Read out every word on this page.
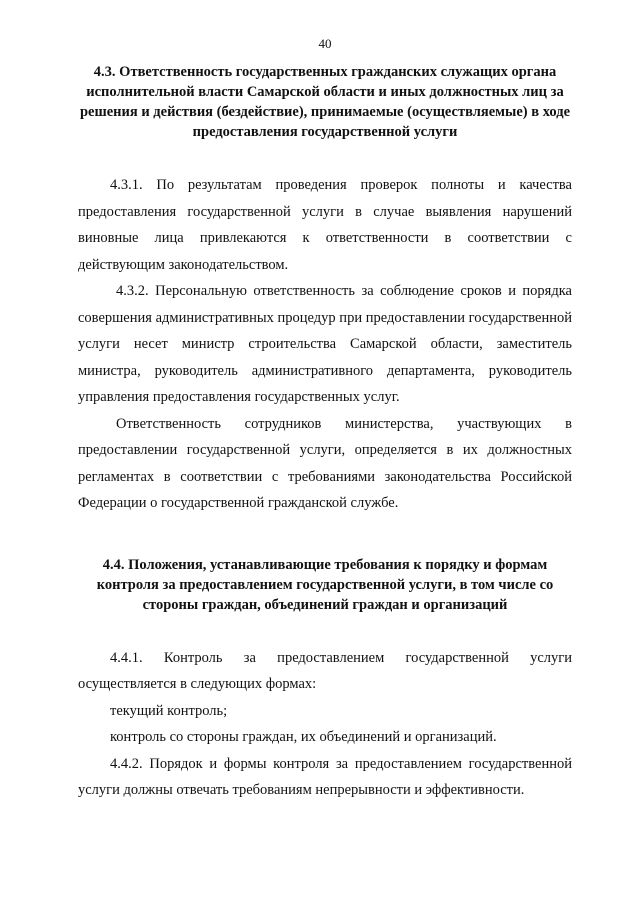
40
4.3. Ответственность государственных гражданских служащих органа исполнительной власти Самарской области и иных должностных лиц за решения и действия (бездействие), принимаемые (осуществляемые) в ходе предоставления государственной услуги

4.3.1. По результатам проведения проверок полноты и качества предоставления государственной услуги в случае выявления нарушений виновные лица привлекаются к ответственности в соответствии с действующим законодательством.

4.3.2. Персональную ответственность за соблюдение сроков и порядка совершения административных процедур при предоставлении государственной услуги несет министр строительства Самарской области, заместитель министра, руководитель административного департамента, руководитель управления предоставления государственных услуг.

Ответственность сотрудников министерства, участвующих в предоставлении государственной услуги, определяется в их должностных регламентах в соответствии с требованиями законодательства Российской Федерации о государственной гражданской службе.

4.4. Положения, устанавливающие требования к порядку и формам контроля за предоставлением государственной услуги, в том числе со стороны граждан, объединений граждан и организаций

4.4.1. Контроль за предоставлением государственной услуги осуществляется в следующих формах:

текущий контроль;

контроль со стороны граждан, их объединений и организаций.

4.4.2. Порядок и формы контроля за предоставлением государственной услуги должны отвечать требованиям непрерывности и эффективности.
